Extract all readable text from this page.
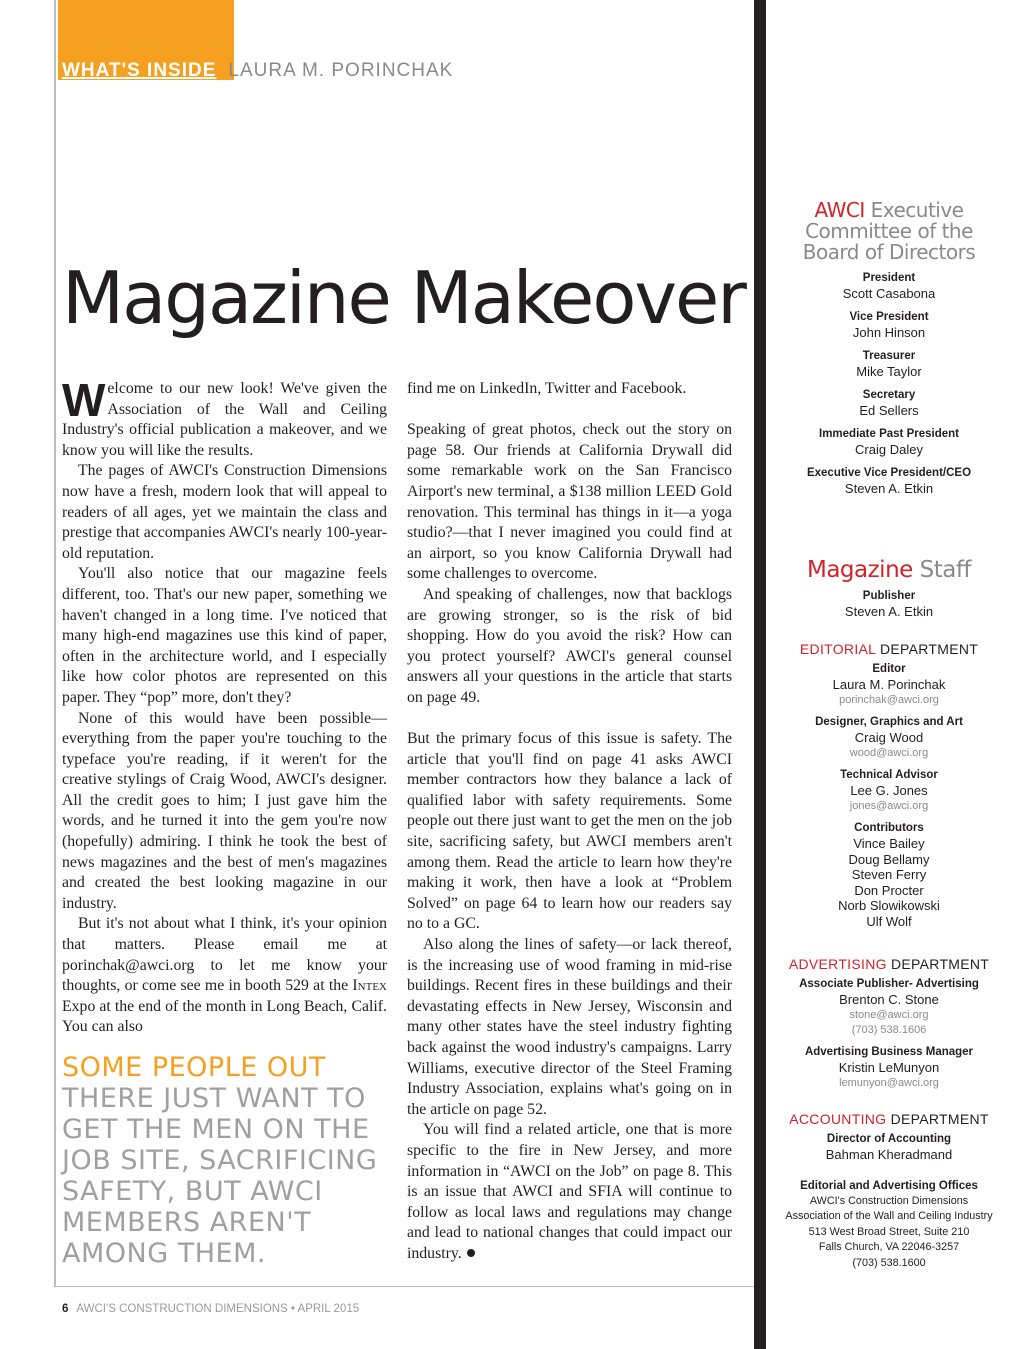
WHAT'S INSIDE LAURA M. PORINCHAK
Magazine Makeover

Welcome to our new look! We've given the Association of the Wall and Ceiling Industry's official publication a makeover, and we know you will like the results.

The pages of AWCI's Construction Dimensions now have a fresh, modern look that will appeal to readers of all ages, yet we maintain the class and prestige that accompanies AWCI's nearly 100-year-old reputation.

You'll also notice that our magazine feels different, too. That's our new paper, something we haven't changed in a long time. I've noticed that many high-end magazines use this kind of paper, often in the architecture world, and I especially like how color photos are represented on this paper. They “pop” more, don't they?

None of this would have been possible—everything from the paper you're touching to the typeface you're reading, if it weren't for the creative stylings of Craig Wood, AWCI's designer. All the credit goes to him; I just gave him the words, and he turned it into the gem you're now (hopefully) admiring. I think he took the best of news magazines and the best of men's magazines and created the best looking magazine in our industry.

But it's not about what I think, it's your opinion that matters. Please email me at porinchak@awci.org to let me know your thoughts, or come see me in booth 529 at the Intex Expo at the end of the month in Long Beach, Calif. You can also

SOME PEOPLE OUT THERE JUST WANT TO GET THE MEN ON THE JOB SITE, SACRIFICING SAFETY, BUT AWCI MEMBERS AREN'T AMONG THEM.

find me on LinkedIn, Twitter and Facebook.

Speaking of great photos, check out the story on page 58. Our friends at California Drywall did some remarkable work on the San Francisco Airport's new terminal, a $138 million LEED Gold renovation. This terminal has things in it—a yoga studio?—that I never imagined you could find at an airport, so you know California Drywall had some challenges to overcome.

And speaking of challenges, now that backlogs are growing stronger, so is the risk of bid shopping. How do you avoid the risk? How can you protect yourself? AWCI's general counsel answers all your questions in the article that starts on page 49.

But the primary focus of this issue is safety. The article that you'll find on page 41 asks AWCI member contractors how they balance a lack of qualified labor with safety requirements. Some people out there just want to get the men on the job site, sacrificing safety, but AWCI members aren't among them. Read the article to learn how they're making it work, then have a look at “Problem Solved” on page 64 to learn how our readers say no to a GC.

Also along the lines of safety—or lack thereof, is the increasing use of wood framing in mid-rise buildings. Recent fires in these buildings and their devastating effects in New Jersey, Wisconsin and many other states have the steel industry fighting back against the wood industry's campaigns. Larry Williams, executive director of the Steel Framing Industry Association, explains what's going on in the article on page 52.

You will find a related article, one that is more specific to the fire in New Jersey, and more information in “AWCI on the Job” on page 8. This is an issue that AWCI and SFIA will continue to follow as local laws and regulations may change and lead to national changes that could impact our industry.

6 AWCI'S CONSTRUCTION DIMENSIONS • APRIL 2015
AWCI Executive Committee of the Board of Directors
President
Scott Casabona
Vice President
John Hinson
Treasurer
Mike Taylor
Secretary
Ed Sellers
Immediate Past President
Craig Daley
Executive Vice President/CEO
Steven A. Etkin
Magazine Staff
Publisher
Steven A. Etkin
EDITORIAL DEPARTMENT
Editor
Laura M. Porinchak
porinchak@awci.org
Designer, Graphics and Art
Craig Wood
wood@awci.org
Technical Advisor
Lee G. Jones
jones@awci.org
Contributors
Vince Bailey
Doug Bellamy
Steven Ferry
Don Procter
Norb Slowikowski
Ulf Wolf
ADVERTISING DEPARTMENT
Associate Publisher- Advertising
Brenton C. Stone
stone@awci.org
(703) 538.1606
Advertising Business Manager
Kristin LeMunyon
lemunyon@awci.org
ACCOUNTING DEPARTMENT
Director of Accounting
Bahman Kheradmand
Editorial and Advertising Offices
AWCI's Construction Dimensions
Association of the Wall and Ceiling Industry
513 West Broad Street, Suite 210
Falls Church, VA 22046-3257
(703) 538.1600
